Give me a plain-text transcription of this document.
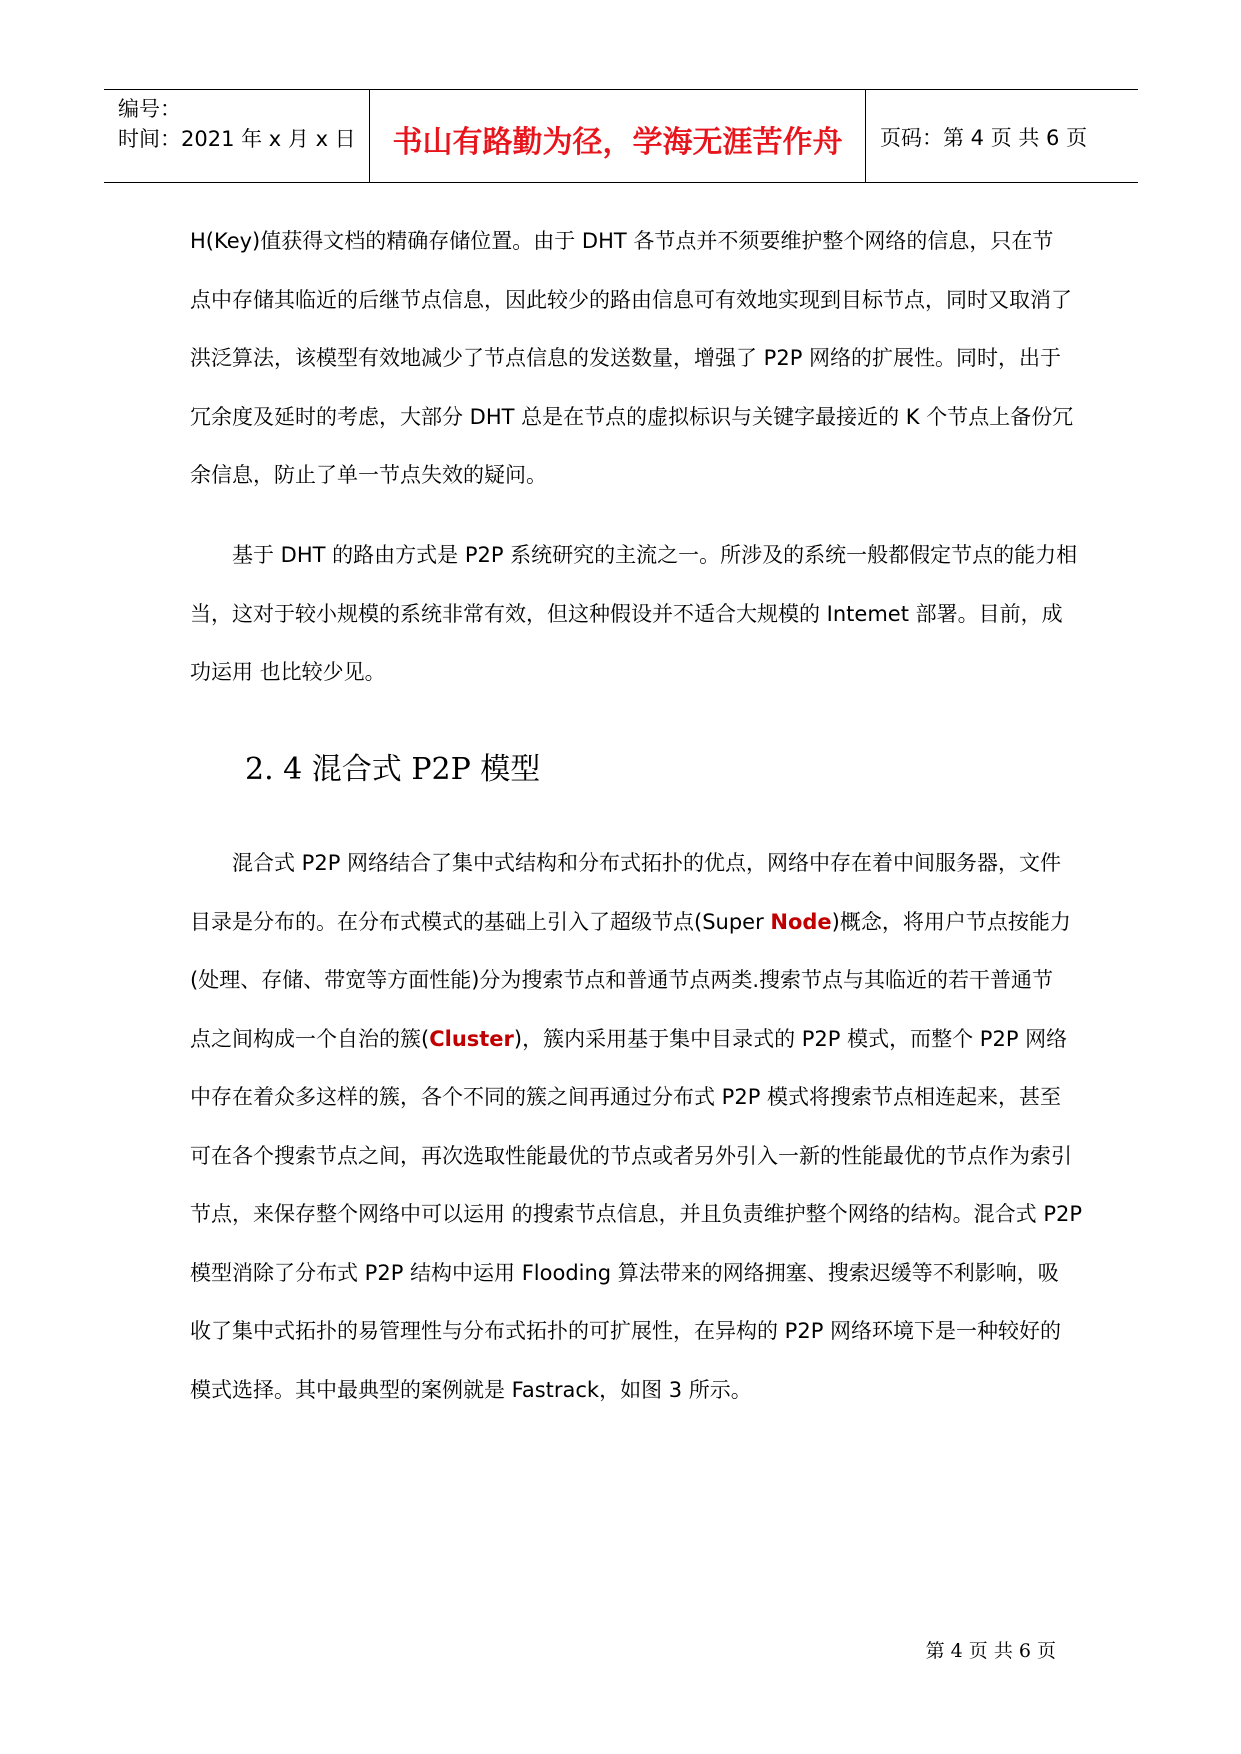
编号：
时间：2021 年 x 月 x 日	书山有路勤为径，学海无涯苦作舟	页码：第 4 页 共 6 页

H(Key)值获得文档的精确存储位置。由于 DHT 各节点并不须要维护整个网络的信息，只在节
点中存储其临近的后继节点信息，因此较少的路由信息可有效地实现到目标节点，同时又取消了
洪泛算法，该模型有效地减少了节点信息的发送数量，增强了 P2P 网络的扩展性。同时，出于
冗余度及延时的考虑，大部分 DHT 总是在节点的虚拟标识与关键字最接近的 K 个节点上备份冗
余信息，防止了单一节点失效的疑问。

基于 DHT 的路由方式是 P2P 系统研究的主流之一。所涉及的系统一般都假定节点的能力相
当，这对于较小规模的系统非常有效，但这种假设并不适合大规模的 Intemet 部署。目前，成
功运用 也比较少见。

2. 4 混合式 P2P 模型

混合式 P2P 网络结合了集中式结构和分布式拓扑的优点，网络中存在着中间服务器，文件
目录是分布的。在分布式模式的基础上引入了超级节点(Super Node)概念，将用户节点按能力
(处理、存储、带宽等方面性能)分为搜索节点和普通节点两类.搜索节点与其临近的若干普通节
点之间构成一个自治的簇(Cluster)，簇内采用基于集中目录式的 P2P 模式，而整个 P2P 网络
中存在着众多这样的簇，各个不同的簇之间再通过分布式 P2P 模式将搜索节点相连起来，甚至
可在各个搜索节点之间，再次选取性能最优的节点或者另外引入一新的性能最优的节点作为索引
节点，来保存整个网络中可以运用 的搜索节点信息，并且负责维护整个网络的结构。混合式 P2P
模型消除了分布式 P2P 结构中运用 Flooding 算法带来的网络拥塞、搜索迟缓等不利影响，吸
收了集中式拓扑的易管理性与分布式拓扑的可扩展性，在异构的 P2P 网络环境下是一种较好的
模式选择。其中最典型的案例就是 Fastrack，如图 3 所示。

第 4 页 共 6 页
